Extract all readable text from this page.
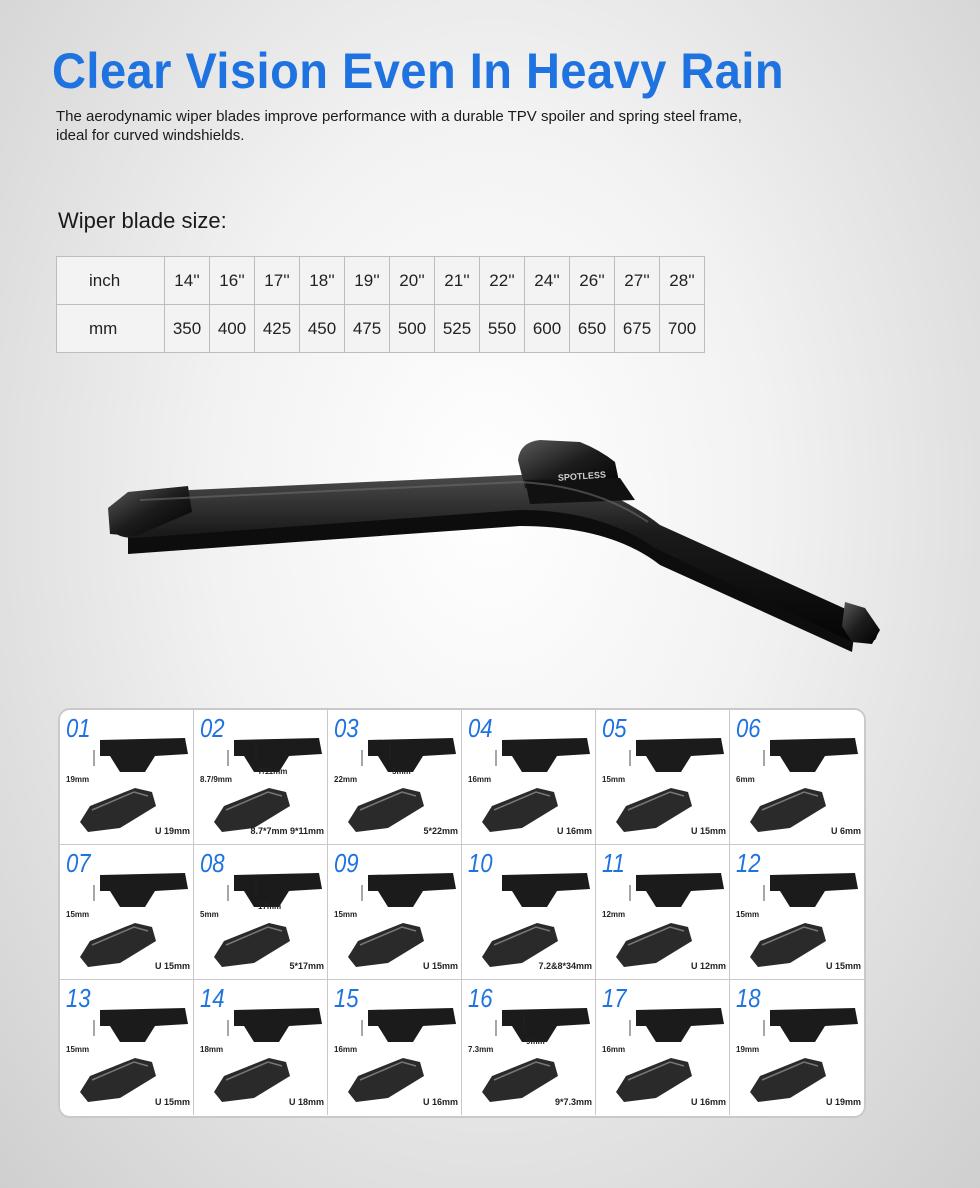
Clear Vision Even In Heavy Rain
The aerodynamic wiper blades improve performance with a durable TPV spoiler and spring steel frame, ideal for curved windshields.
Wiper blade size:
inch	14''	16''	17''	18''	19''	20''	21''	22''	24''	26''	27''	28''
mm	350	400	425	450	475	500	525	550	600	650	675	700
SPOTLESS
19mm
01
U 19mm
8.7/9mm
7/11mm
02
8.7*7mm 9*11mm
22mm
5mm
03
5*22mm
16mm
04
U 16mm
15mm
05
U 15mm
6mm
06
U 6mm
15mm
07
U 15mm
5mm
17mm
08
5*17mm
15mm
09
U 15mm
10
7.2&8*34mm
12mm
11
U 12mm
15mm
12
U 15mm
15mm
13
U 15mm
18mm
14
U 18mm
16mm
15
U 16mm
7.3mm
9mm
16
9*7.3mm
16mm
17
U 16mm
19mm
18
U 19mm
